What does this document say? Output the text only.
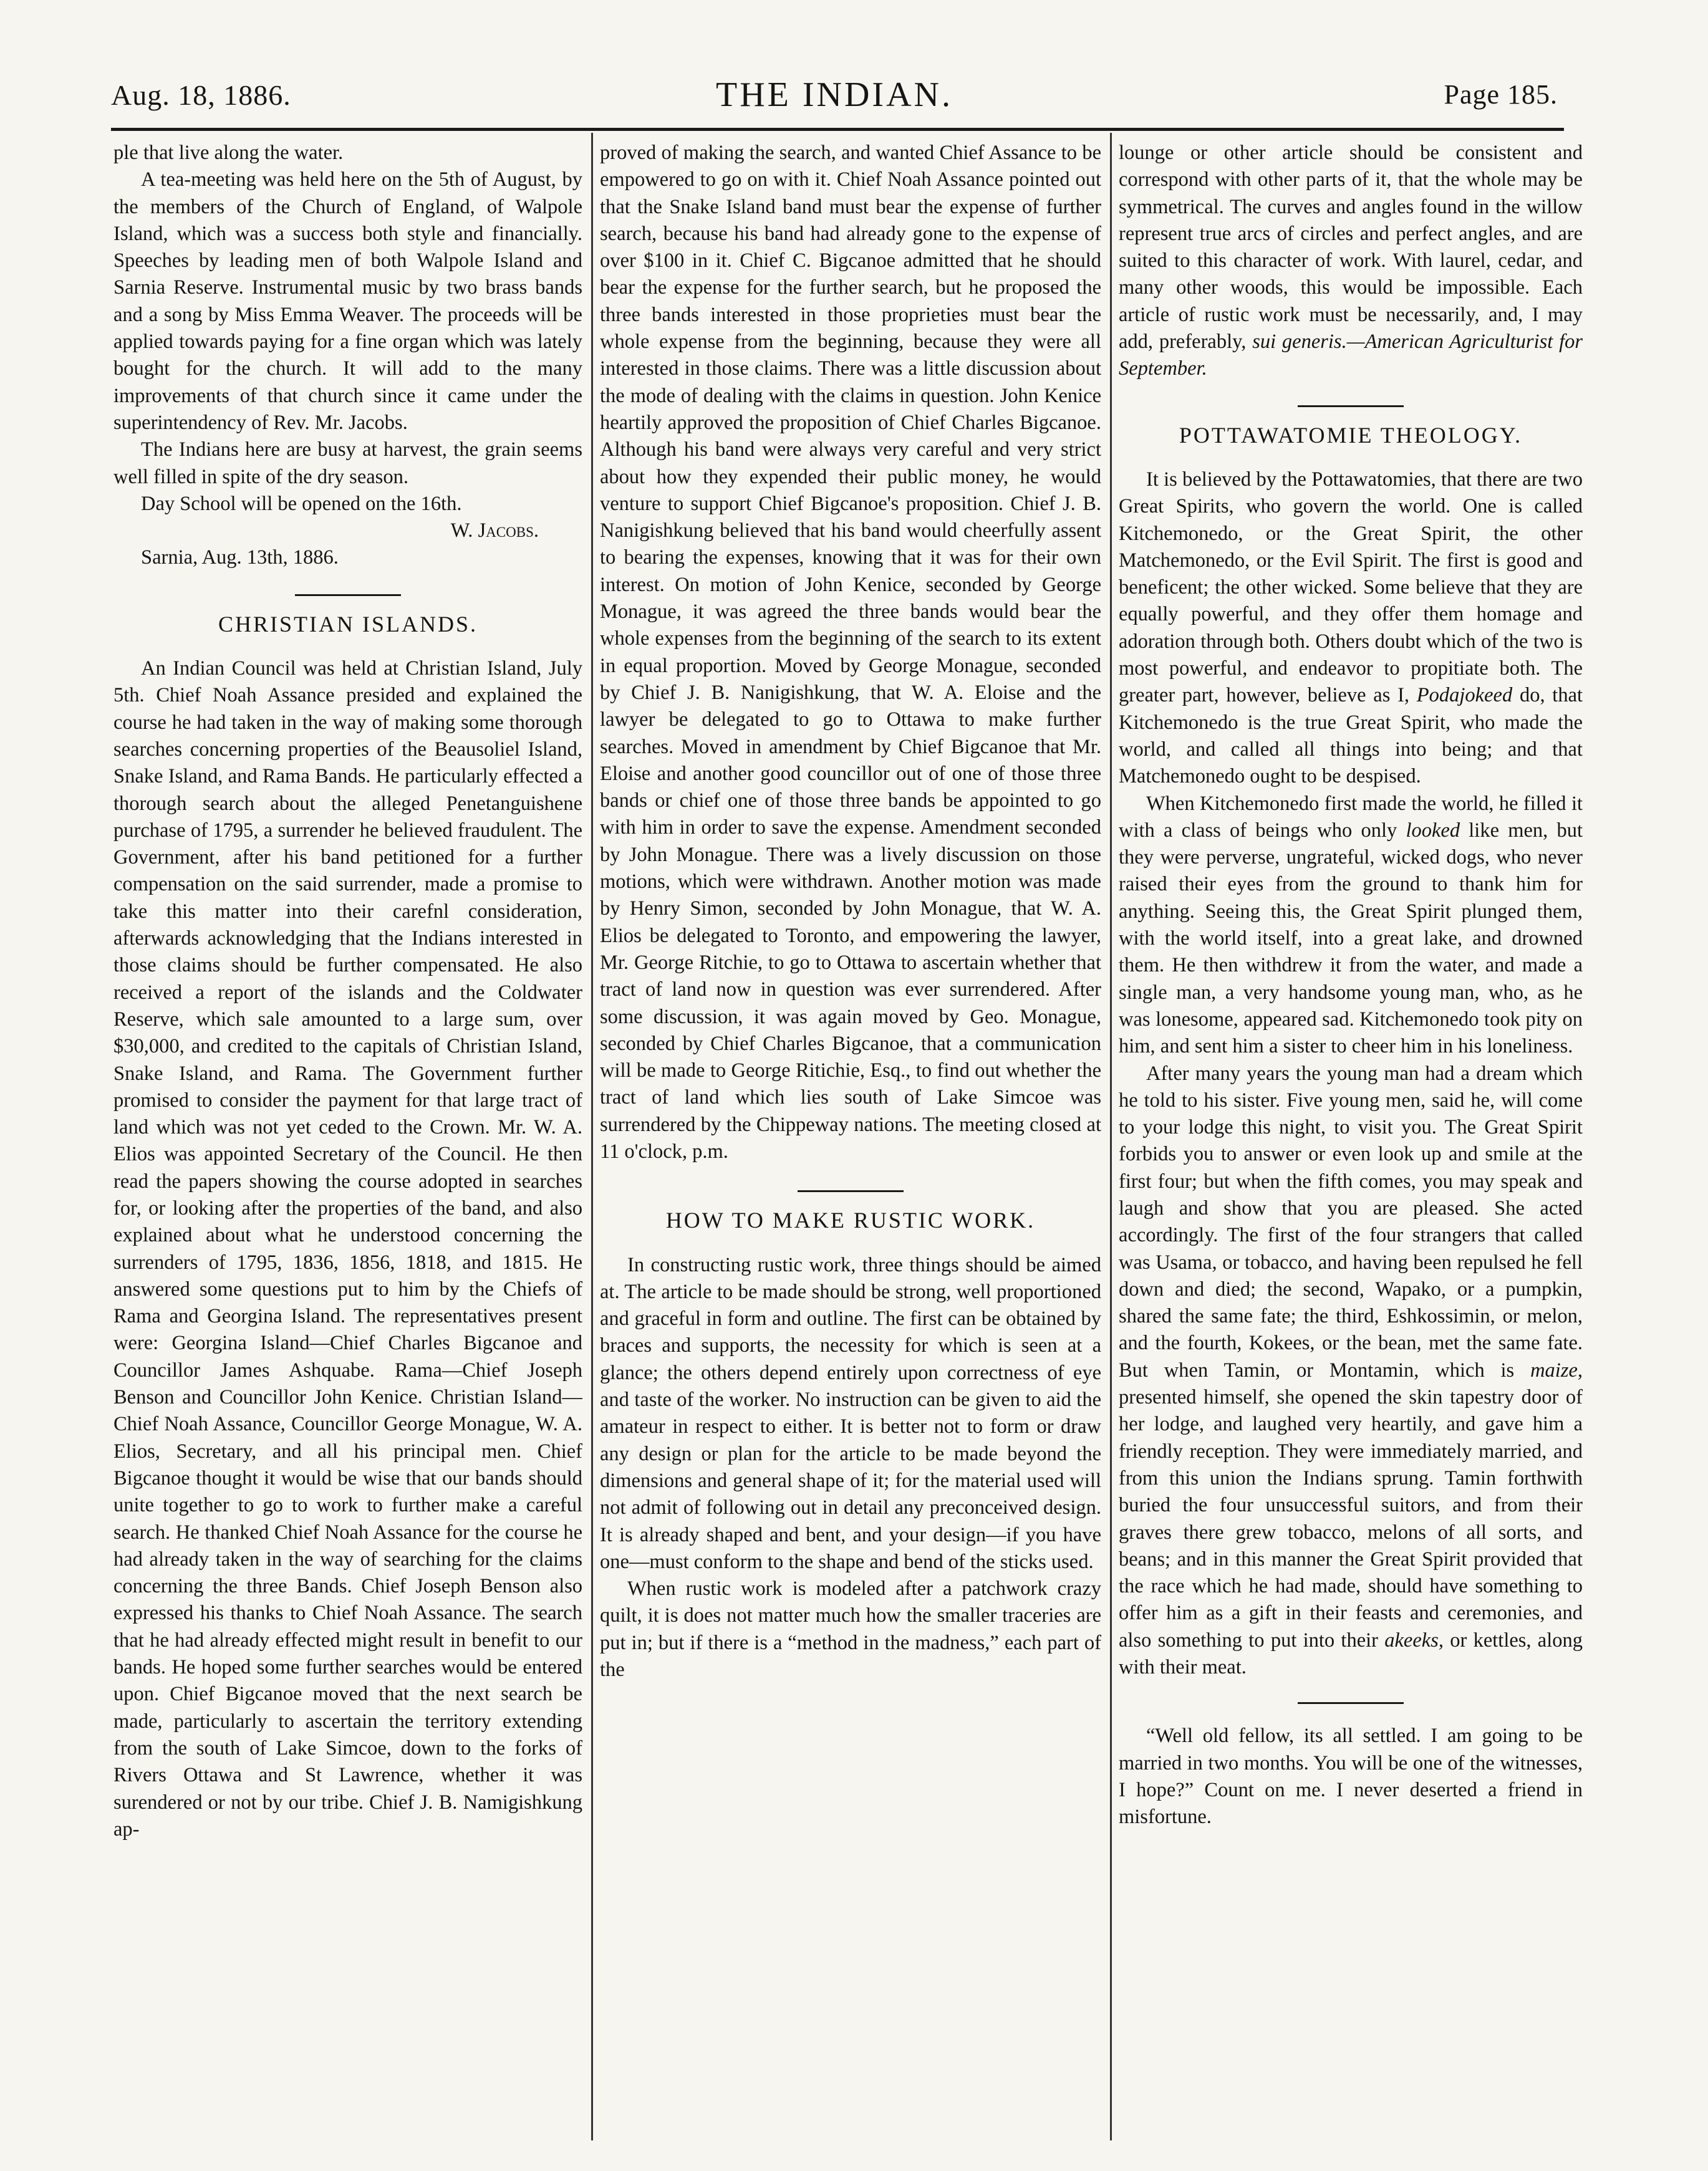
Aug. 18, 1886.	THE INDIAN.	Page 185.

ple that live along the water.

A tea-meeting was held here on the 5th of August, by the members of the Church of England, of Walpole Island, which was a success both style and financially. Speeches by leading men of both Walpole Island and Sarnia Reserve. Instrumental music by two brass bands and a song by Miss Emma Weaver. The proceeds will be applied towards paying for a fine organ which was lately bought for the church. It will add to the many improvements of that church since it came under the superintendency of Rev. Mr. Jacobs.

The Indians here are busy at harvest, the grain seems well filled in spite of the dry season.

Day School will be opened on the 16th.

W. Jacobs.

Sarnia, Aug. 13th, 1886.

CHRISTIAN ISLANDS.

An Indian Council was held at Christian Island, July 5th. Chief Noah Assance presided and explained the course he had taken in the way of making some thorough searches concerning properties of the Beausoliel Island, Snake Island, and Rama Bands. He particularly effected a thorough search about the alleged Penetanguishene purchase of 1795, a surrender he believed fraudulent. The Government, after his band petitioned for a further compensation on the said surrender, made a promise to take this matter into their carefnl consideration, afterwards acknowledging that the Indians interested in those claims should be further compensated. He also received a report of the islands and the Coldwater Reserve, which sale amounted to a large sum, over $30,000, and credited to the capitals of Christian Island, Snake Island, and Rama. The Government further promised to consider the payment for that large tract of land which was not yet ceded to the Crown. Mr. W. A. Elios was appointed Secretary of the Council. He then read the papers showing the course adopted in searches for, or looking after the properties of the band, and also explained about what he understood concerning the surrenders of 1795, 1836, 1856, 1818, and 1815. He answered some questions put to him by the Chiefs of Rama and Georgina Island. The representatives present were: Georgina Island—Chief Charles Bigcanoe and Councillor James Ashquabe. Rama—Chief Joseph Benson and Councillor John Kenice. Christian Island—Chief Noah Assance, Councillor George Monague, W. A. Elios, Secretary, and all his principal men. Chief Bigcanoe thought it would be wise that our bands should unite together to go to work to further make a careful search. He thanked Chief Noah Assance for the course he had already taken in the way of searching for the claims concerning the three Bands. Chief Joseph Benson also expressed his thanks to Chief Noah Assance. The search that he had already effected might result in benefit to our bands. He hoped some further searches would be entered upon. Chief Bigcanoe moved that the next search be made, particularly to ascertain the territory extending from the south of Lake Simcoe, down to the forks of Rivers Ottawa and St Lawrence, whether it was surendered or not by our tribe. Chief J. B. Namigishkung ap-

proved of making the search, and wanted Chief Assance to be empowered to go on with it. Chief Noah Assance pointed out that the Snake Island band must bear the expense of further search, because his band had already gone to the expense of over $100 in it. Chief C. Bigcanoe admitted that he should bear the expense for the further search, but he proposed the three bands interested in those proprieties must bear the whole expense from the beginning, because they were all interested in those claims. There was a little discussion about the mode of dealing with the claims in question. John Kenice heartily approved the proposition of Chief Charles Bigcanoe. Although his band were always very careful and very strict about how they expended their public money, he would venture to support Chief Bigcanoe's proposition. Chief J. B. Nanigishkung believed that his band would cheerfully assent to bearing the expenses, knowing that it was for their own interest. On motion of John Kenice, seconded by George Monague, it was agreed the three bands would bear the whole expenses from the beginning of the search to its extent in equal proportion. Moved by George Monague, seconded by Chief J. B. Nanigishkung, that W. A. Eloise and the lawyer be delegated to go to Ottawa to make further searches. Moved in amendment by Chief Bigcanoe that Mr. Eloise and another good councillor out of one of those three bands or chief one of those three bands be appointed to go with him in order to save the expense. Amendment seconded by John Monague. There was a lively discussion on those motions, which were withdrawn. Another motion was made by Henry Simon, seconded by John Monague, that W. A. Elios be delegated to Toronto, and empowering the lawyer, Mr. George Ritchie, to go to Ottawa to ascertain whether that tract of land now in question was ever surrendered. After some discussion, it was again moved by Geo. Monague, seconded by Chief Charles Bigcanoe, that a communication will be made to George Ritichie, Esq., to find out whether the tract of land which lies south of Lake Simcoe was surrendered by the Chippeway nations. The meeting closed at 11 o'clock, p.m.

HOW TO MAKE RUSTIC WORK.

In constructing rustic work, three things should be aimed at. The article to be made should be strong, well proportioned and graceful in form and outline. The first can be obtained by braces and supports, the necessity for which is seen at a glance; the others depend entirely upon correctness of eye and taste of the worker. No instruction can be given to aid the amateur in respect to either. It is better not to form or draw any design or plan for the article to be made beyond the dimensions and general shape of it; for the material used will not admit of following out in detail any preconceived design. It is already shaped and bent, and your design—if you have one—must conform to the shape and bend of the sticks used.

When rustic work is modeled after a patchwork crazy quilt, it is does not matter much how the smaller traceries are put in; but if there is a “method in the madness,” each part of the

lounge or other article should be consistent and correspond with other parts of it, that the whole may be symmetrical. The curves and angles found in the willow represent true arcs of circles and perfect angles, and are suited to this character of work. With laurel, cedar, and many other woods, this would be impossible. Each article of rustic work must be necessarily, and, I may add, preferably, sui generis.—American Agriculturist for September.

POTTAWATOMIE THEOLOGY.

It is believed by the Pottawatomies, that there are two Great Spirits, who govern the world. One is called Kitchemonedo, or the Great Spirit, the other Matchemonedo, or the Evil Spirit. The first is good and beneficent; the other wicked. Some believe that they are equally powerful, and they offer them homage and adoration through both. Others doubt which of the two is most powerful, and endeavor to propitiate both. The greater part, however, believe as I, Podajokeed do, that Kitchemonedo is the true Great Spirit, who made the world, and called all things into being; and that Matchemonedo ought to be despised.

When Kitchemonedo first made the world, he filled it with a class of beings who only looked like men, but they were perverse, ungrateful, wicked dogs, who never raised their eyes from the ground to thank him for anything. Seeing this, the Great Spirit plunged them, with the world itself, into a great lake, and drowned them. He then withdrew it from the water, and made a single man, a very handsome young man, who, as he was lonesome, appeared sad. Kitchemonedo took pity on him, and sent him a sister to cheer him in his loneliness.

After many years the young man had a dream which he told to his sister. Five young men, said he, will come to your lodge this night, to visit you. The Great Spirit forbids you to answer or even look up and smile at the first four; but when the fifth comes, you may speak and laugh and show that you are pleased. She acted accordingly. The first of the four strangers that called was Usama, or tobacco, and having been repulsed he fell down and died; the second, Wapako, or a pumpkin, shared the same fate; the third, Eshkossimin, or melon, and the fourth, Kokees, or the bean, met the same fate. But when Tamin, or Montamin, which is maize, presented himself, she opened the skin tapestry door of her lodge, and laughed very heartily, and gave him a friendly reception. They were immediately married, and from this union the Indians sprung. Tamin forthwith buried the four unsuccessful suitors, and from their graves there grew tobacco, melons of all sorts, and beans; and in this manner the Great Spirit provided that the race which he had made, should have something to offer him as a gift in their feasts and ceremonies, and also something to put into their akeeks, or kettles, along with their meat.

“Well old fellow, its all settled. I am going to be married in two months. You will be one of the witnesses, I hope?” Count on me. I never deserted a friend in misfortune.
